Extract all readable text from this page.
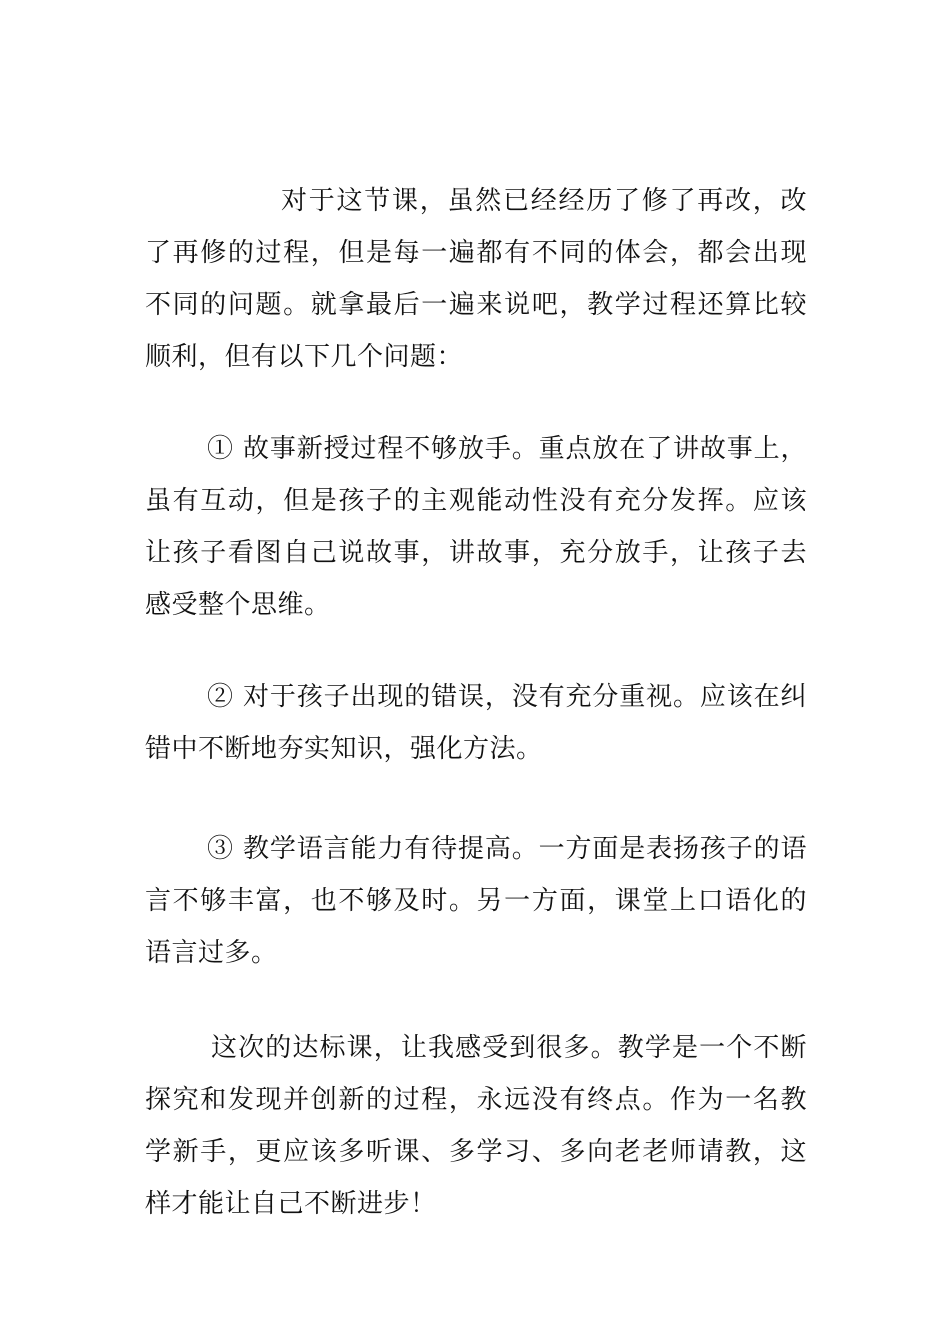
对于这节课，虽然已经经历了修了再改，改了再修的过程，但是每一遍都有不同的体会，都会出现不同的问题。就拿最后一遍来说吧，教学过程还算比较顺利，但有以下几个问题：

① 故事新授过程不够放手。重点放在了讲故事上，虽有互动，但是孩子的主观能动性没有充分发挥。应该让孩子看图自己说故事，讲故事，充分放手，让孩子去感受整个思维。

② 对于孩子出现的错误，没有充分重视。应该在纠错中不断地夯实知识，强化方法。

③ 教学语言能力有待提高。一方面是表扬孩子的语言不够丰富，也不够及时。另一方面，课堂上口语化的语言过多。

这次的达标课，让我感受到很多。教学是一个不断探究和发现并创新的过程，永远没有终点。作为一名教学新手，更应该多听课、多学习、多向老老师请教，这样才能让自己不断进步！
